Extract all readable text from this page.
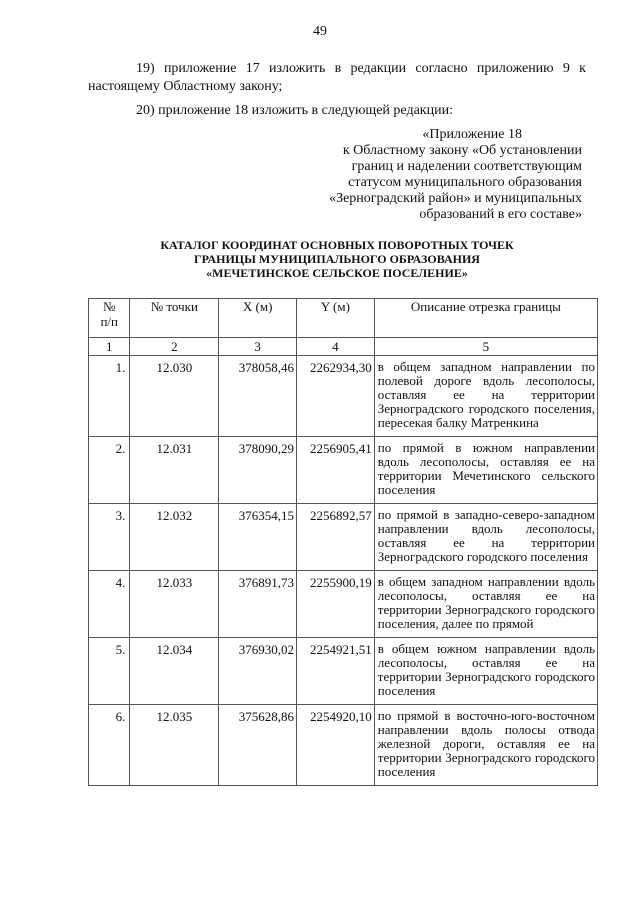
49
19) приложение 17 изложить в редакции согласно приложению 9 к настоящему Областному закону;
20) приложение 18 изложить в следующей редакции:
«Приложение 18
к Областному закону «Об установлении
границ и наделении соответствующим
статусом муниципального образования
«Зерноградский район» и муниципальных
образований в его составе»
КАТАЛОГ КООРДИНАТ ОСНОВНЫХ ПОВОРОТНЫХ ТОЧЕК
ГРАНИЦЫ МУНИЦИПАЛЬНОГО ОБРАЗОВАНИЯ
«МЕЧЕТИНСКОЕ СЕЛЬСКОЕ ПОСЕЛЕНИЕ»
№
п/п	№ точки	X (м)	Y (м)	Описание отрезка границы
1	2	3	4	5
1.	12.030	378058,46	2262934,30	в общем западном направлении по полевой дороге вдоль лесополосы, оставляя ее на территории Зерноградского городского поселения, пересекая балку Матренкина
2.	12.031	378090,29	2256905,41	по прямой в южном направлении вдоль лесополосы, оставляя ее на территории Мечетинского сельского поселения
3.	12.032	376354,15	2256892,57	по прямой в западно-северо-западном направлении вдоль лесополосы, оставляя ее на территории Зерноградского городского поселения
4.	12.033	376891,73	2255900,19	в общем западном направлении вдоль лесополосы, оставляя ее на территории Зерноградского городского поселения, далее по прямой
5.	12.034	376930,02	2254921,51	в общем южном направлении вдоль лесополосы, оставляя ее на территории Зерноградского городского поселения
6.	12.035	375628,86	2254920,10	по прямой в восточно-юго-восточном направлении вдоль полосы отвода железной дороги, оставляя ее на территории Зерноградского городского поселения
